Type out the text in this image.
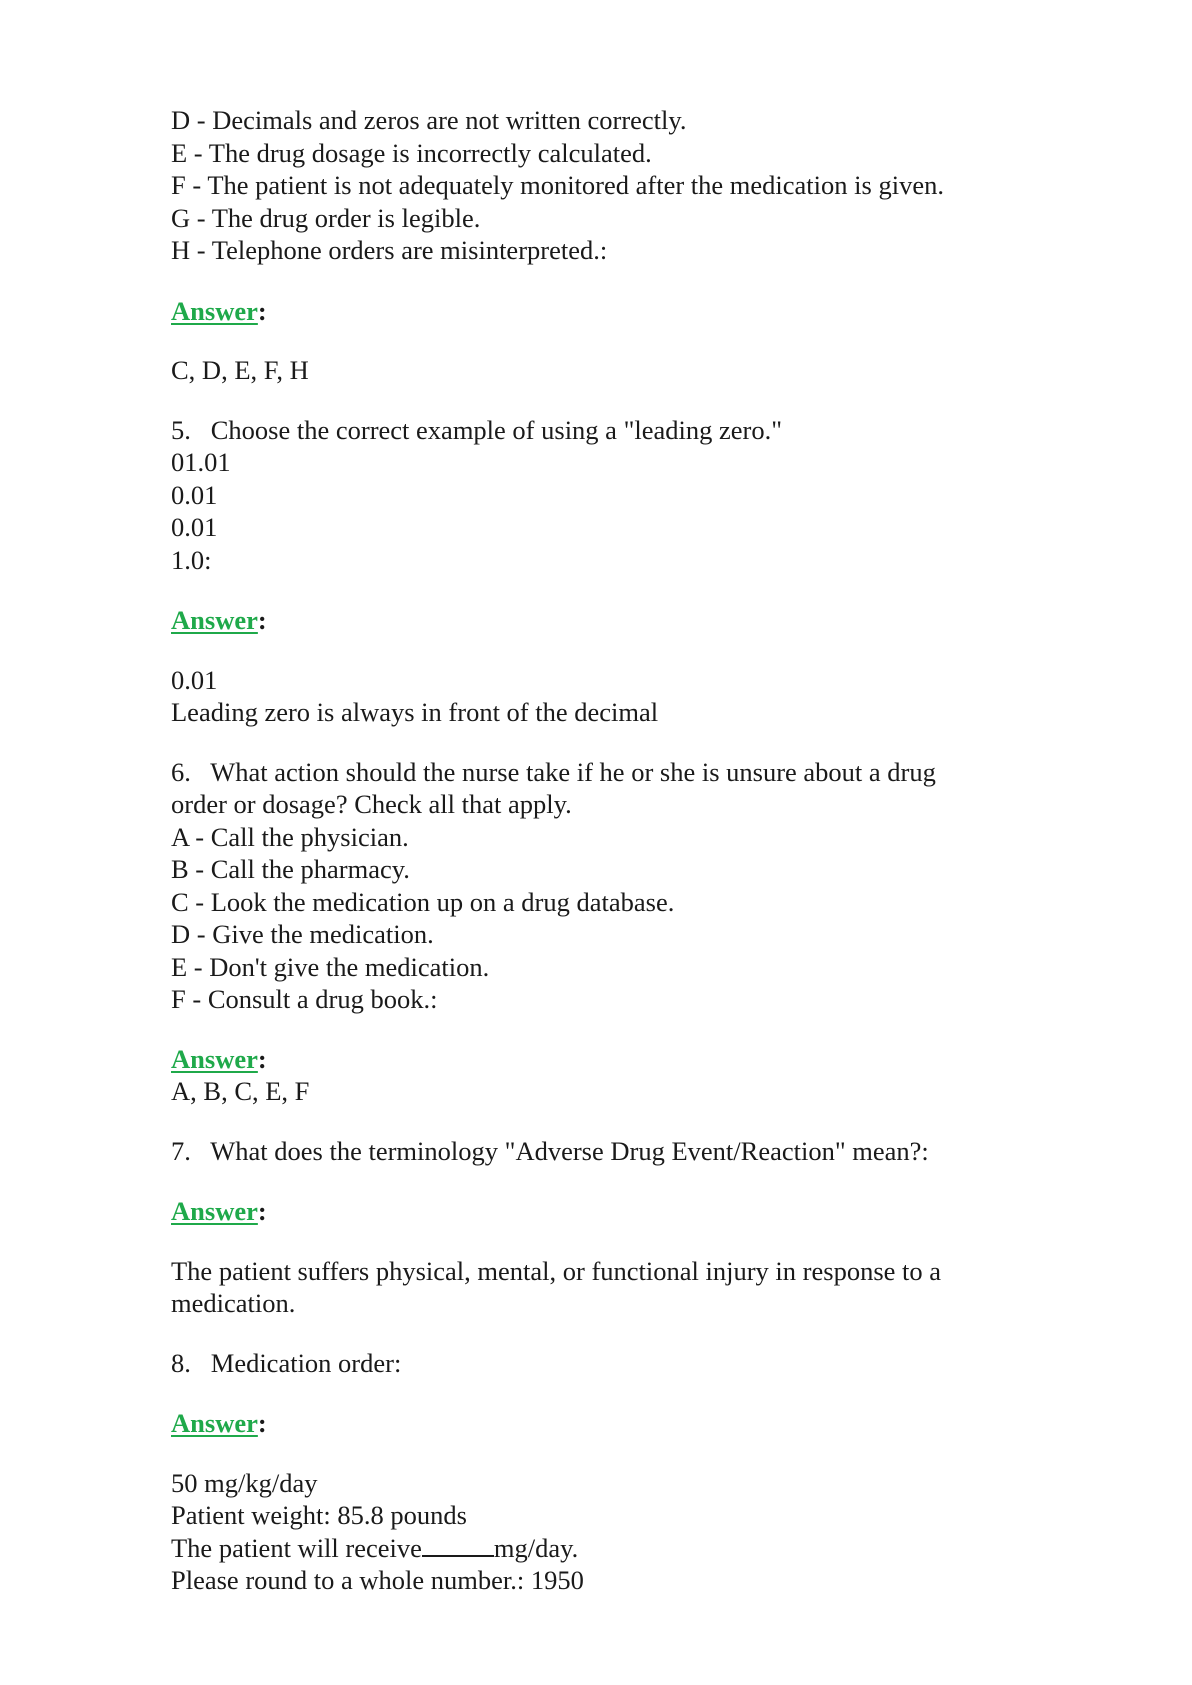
D - Decimals and zeros are not written correctly.

E - The drug dosage is incorrectly calculated.

F - The patient is not adequately monitored after the medication is given.

G - The drug order is legible.

H - Telephone orders are misinterpreted.:

Answer:

C, D, E, F, H

5.   Choose the correct example of using a "leading zero."

01.01

0.01

0.01

1.0:

Answer:

0.01

Leading zero is always in front of the decimal

6.   What action should the nurse take if he or she is unsure about a drug

order or dosage? Check all that apply.

A - Call the physician.

B - Call the pharmacy.

C - Look the medication up on a drug database.

D - Give the medication.

E - Don't give the medication.

F - Consult a drug book.:

Answer:

A, B, C, E, F

7.   What does the terminology "Adverse Drug Event/Reaction" mean?:

Answer:

The patient suffers physical, mental, or functional injury in response to a

medication.

8.   Medication order:

Answer:

50 mg/kg/day

Patient weight: 85.8 pounds

The patient will receive	mg/day.

Please round to a whole number.: 1950
